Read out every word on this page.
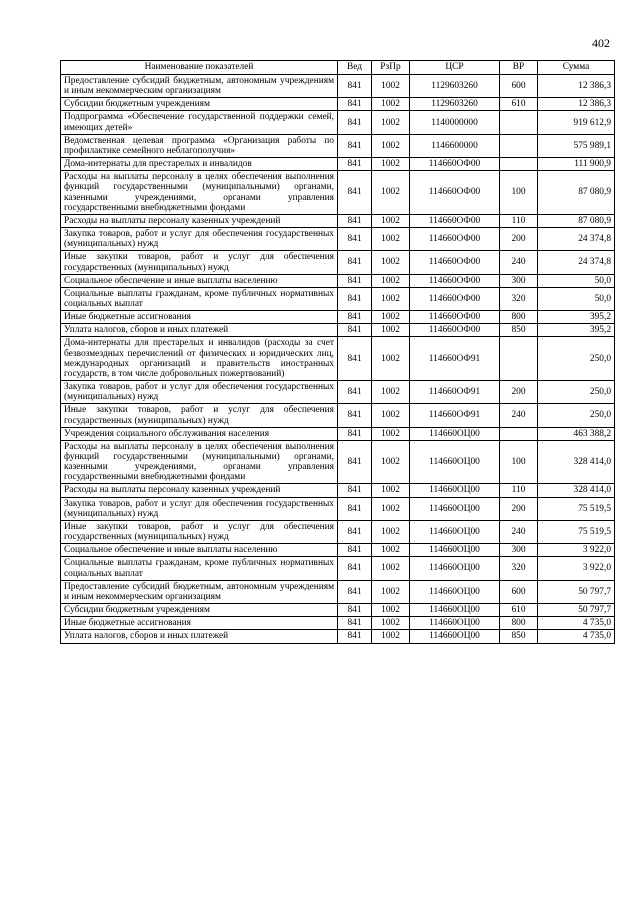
402
Наименование показателей	Вед	РзПр	ЦСР	ВР	Сумма
Предоставление субсидий бюджетным, автономным учреждениям и иным некоммерческим организациям	841	1002	1129603260	600	12 386,3
Субсидии бюджетным учреждениям	841	1002	1129603260	610	12 386,3
Подпрограмма «Обеспечение государственной поддержки семей, имеющих детей»	841	1002	1140000000		919 612,9
Ведомственная целевая программа «Организация работы по профилактике семейного неблагополучия»	841	1002	1146600000		575 989,1
Дома-интернаты для престарелых и инвалидов	841	1002	114660ОФ00		111 900,9
Расходы на выплаты персоналу в целях обеспечения выполнения функций государственными (муниципальными) органами, казенными учреждениями, органами управления государственными внебюджетными фондами	841	1002	114660ОФ00	100	87 080,9
Расходы на выплаты персоналу казенных учреждений	841	1002	114660ОФ00	110	87 080,9
Закупка товаров, работ и услуг для обеспечения государственных (муниципальных) нужд	841	1002	114660ОФ00	200	24 374,8
Иные закупки товаров, работ и услуг для обеспечения государственных (муниципальных) нужд	841	1002	114660ОФ00	240	24 374,8
Социальное обеспечение и иные выплаты населению	841	1002	114660ОФ00	300	50,0
Социальные выплаты гражданам, кроме публичных нормативных социальных выплат	841	1002	114660ОФ00	320	50,0
Иные бюджетные ассигнования	841	1002	114660ОФ00	800	395,2
Уплата налогов, сборов и иных платежей	841	1002	114660ОФ00	850	395,2
Дома-интернаты для престарелых и инвалидов (расходы за счет безвозмездных перечислений от физических и юридических лиц, международных организаций и правительств иностранных государств, в том числе добровольных пожертвований)	841	1002	114660ОФ91		250,0
Закупка товаров, работ и услуг для обеспечения государственных (муниципальных) нужд	841	1002	114660ОФ91	200	250,0
Иные закупки товаров, работ и услуг для обеспечения государственных (муниципальных) нужд	841	1002	114660ОФ91	240	250,0
Учреждения социального обслуживания населения	841	1002	114660ОЦ00		463 388,2
Расходы на выплаты персоналу в целях обеспечения выполнения функций государственными (муниципальными) органами, казенными учреждениями, органами управления государственными внебюджетными фондами	841	1002	114660ОЦ00	100	328 414,0
Расходы на выплаты персоналу казенных учреждений	841	1002	114660ОЦ00	110	328 414,0
Закупка товаров, работ и услуг для обеспечения государственных (муниципальных) нужд	841	1002	114660ОЦ00	200	75 519,5
Иные закупки товаров, работ и услуг для обеспечения государственных (муниципальных) нужд	841	1002	114660ОЦ00	240	75 519,5
Социальное обеспечение и иные выплаты населению	841	1002	114660ОЦ00	300	3 922,0
Социальные выплаты гражданам, кроме публичных нормативных социальных выплат	841	1002	114660ОЦ00	320	3 922,0
Предоставление субсидий бюджетным, автономным учреждениям и иным некоммерческим организациям	841	1002	114660ОЦ00	600	50 797,7
Субсидии бюджетным учреждениям	841	1002	114660ОЦ00	610	50 797,7
Иные бюджетные ассигнования	841	1002	114660ОЦ00	800	4 735,0
Уплата налогов, сборов и иных платежей	841	1002	114660ОЦ00	850	4 735,0
